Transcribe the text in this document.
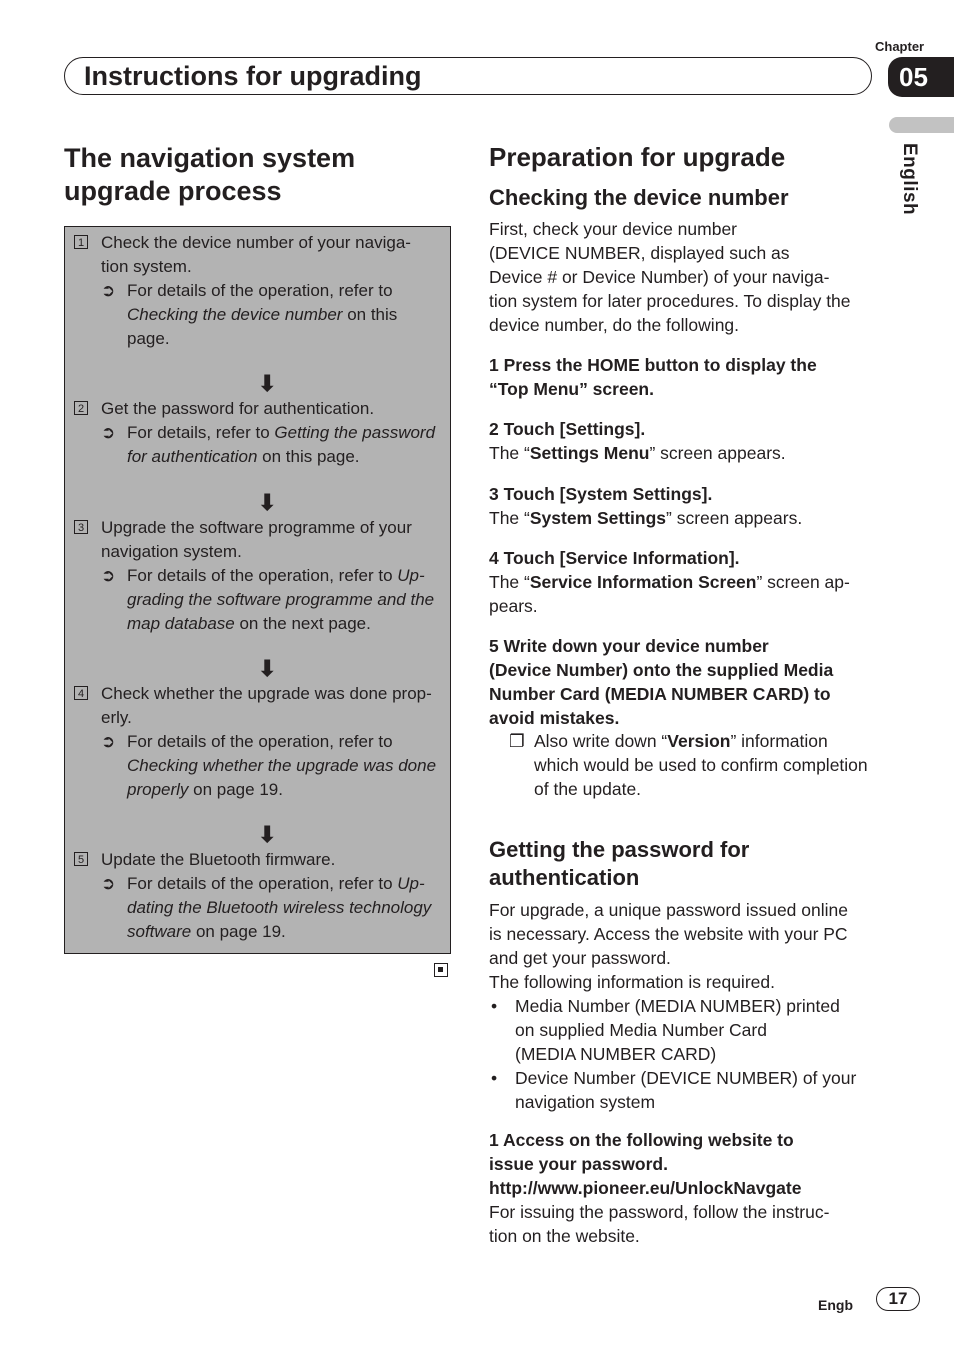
Instructions for upgrading
Chapter
05
English
The navigation system
upgrade process
1 Check the device number of your naviga-
tion system.
➲ For details of the operation, refer to
Checking the device number on this
page.
⬇
2 Get the password for authentication.
➲ For details, refer to Getting the password
for authentication on this page.
⬇
3 Upgrade the software programme of your
navigation system.
➲ For details of the operation, refer to Up-
grading the software programme and the
map database on the next page.
⬇
4 Check whether the upgrade was done prop-
erly.
➲ For details of the operation, refer to
Checking whether the upgrade was done
properly on page 19.
⬇
5 Update the Bluetooth firmware.
➲ For details of the operation, refer to Up-
dating the Bluetooth wireless technology
software on page 19.
Preparation for upgrade
Checking the device number
First, check your device number
(DEVICE NUMBER, displayed such as
Device # or Device Number) of your naviga-
tion system for later procedures. To display the
device number, do the following.
1 Press the HOME button to display the
“Top Menu” screen.
2 Touch [Settings].
The “Settings Menu” screen appears.
3 Touch [System Settings].
The “System Settings” screen appears.
4 Touch [Service Information].
The “Service Information Screen” screen ap-
pears.
5 Write down your device number
(Device Number) onto the supplied Media
Number Card (MEDIA NUMBER CARD) to
avoid mistakes.
❐ Also write down “Version” information
which would be used to confirm completion
of the update.
Getting the password for
authentication
For upgrade, a unique password issued online
is necessary. Access the website with your PC
and get your password.
The following information is required.
• Media Number (MEDIA NUMBER) printed
on supplied Media Number Card
(MEDIA NUMBER CARD)
• Device Number (DEVICE NUMBER) of your
navigation system
1 Access on the following website to
issue your password.
http://www.pioneer.eu/UnlockNavgate
For issuing the password, follow the instruc-
tion on the website.
Engb	17
